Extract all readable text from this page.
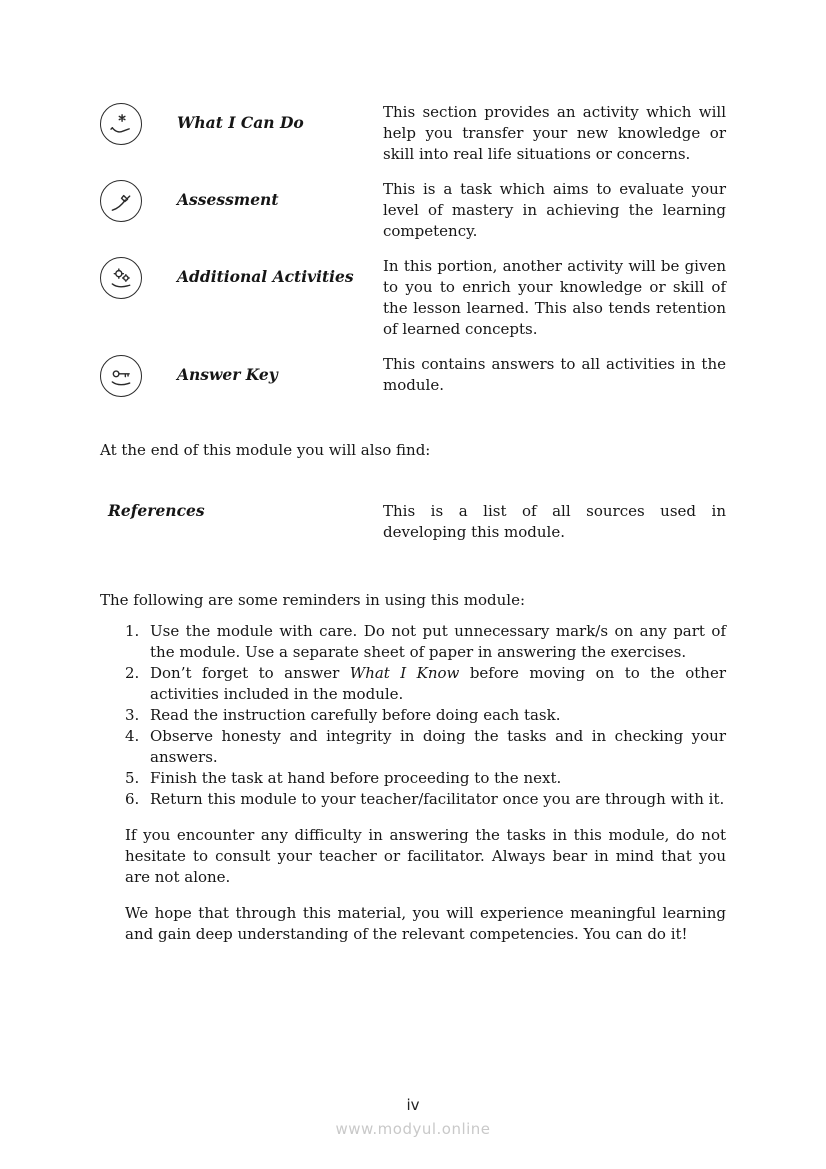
What I Can Do
This section provides an activity which will help you transfer your new knowledge or skill into real life situations or concerns.
Assessment
This is a task which aims to evaluate your level of mastery in achieving the learning competency.
Additional Activities
In this portion, another activity will be given to you to enrich your knowledge or skill of the lesson learned. This also tends retention of learned concepts.
Answer Key
This contains answers to all activities in the module.
At the end of this module you will also find:
References	This is a list of all sources used in developing this module.
The following are some reminders in using this module:
1. Use the module with care. Do not put unnecessary mark/s on any part of the module. Use a separate sheet of paper in answering the exercises.
2. Don’t forget to answer What I Know before moving on to the other activities included in the module.
3. Read the instruction carefully before doing each task.
4. Observe honesty and integrity in doing the tasks and in checking your answers.
5. Finish the task at hand before proceeding to the next.
6. Return this module to your teacher/facilitator once you are through with it.
If you encounter any difficulty in answering the tasks in this module, do not hesitate to consult your teacher or facilitator. Always bear in mind that you are not alone.
We hope that through this material, you will experience meaningful learning and gain deep understanding of the relevant competencies. You can do it!
iv
www.modyul.online
